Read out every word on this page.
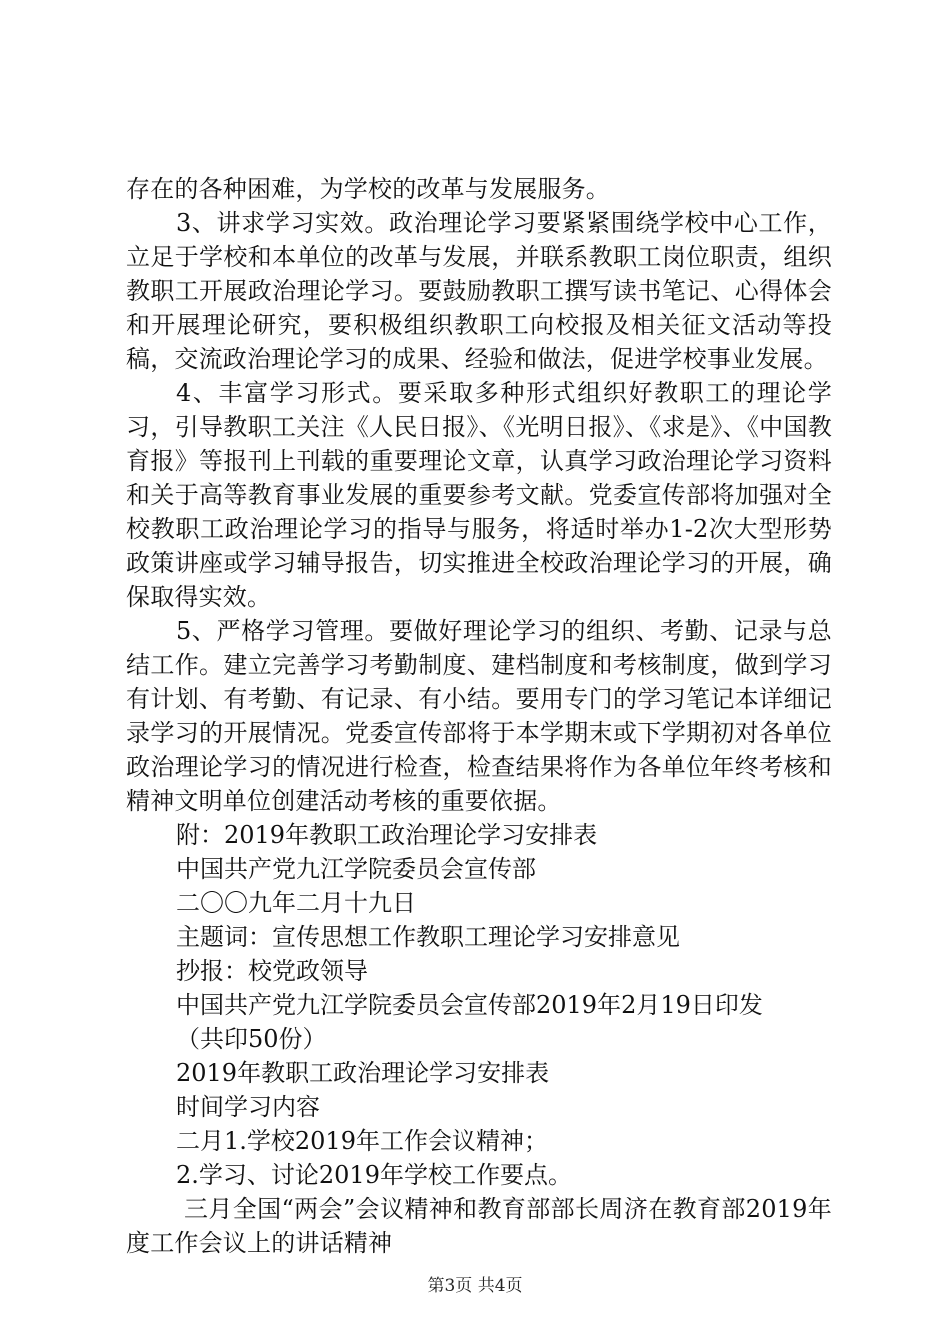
存在的各种困难，为学校的改革与发展服务。

3、讲求学习实效。政治理论学习要紧紧围绕学校中心工作，立足于学校和本单位的改革与发展，并联系教职工岗位职责，组织教职工开展政治理论学习。要鼓励教职工撰写读书笔记、心得体会和开展理论研究，要积极组织教职工向校报及相关征文活动等投稿，交流政治理论学习的成果、经验和做法，促进学校事业发展。

4、丰富学习形式。要采取多种形式组织好教职工的理论学习，引导教职工关注《人民日报》、《光明日报》、《求是》、《中国教育报》等报刊上刊载的重要理论文章，认真学习政治理论学习资料和关于高等教育事业发展的重要参考文献。党委宣传部将加强对全校教职工政治理论学习的指导与服务，将适时举办1-2次大型形势政策讲座或学习辅导报告，切实推进全校政治理论学习的开展，确保取得实效。

5、严格学习管理。要做好理论学习的组织、考勤、记录与总结工作。建立完善学习考勤制度、建档制度和考核制度，做到学习有计划、有考勤、有记录、有小结。要用专门的学习笔记本详细记录学习的开展情况。党委宣传部将于本学期末或下学期初对各单位政治理论学习的情况进行检查，检查结果将作为各单位年终考核和精神文明单位创建活动考核的重要依据。

附：2019年教职工政治理论学习安排表

中国共产党九江学院委员会宣传部

二〇〇九年二月十九日

主题词：宣传思想工作教职工理论学习安排意见

抄报：校党政领导

中国共产党九江学院委员会宣传部2019年2月19日印发

（共印50份）

2019年教职工政治理论学习安排表

时间学习内容

二月1.学校2019年工作会议精神；

2.学习、讨论2019年学校工作要点。

三月全国“两会”会议精神和教育部部长周济在教育部2019年度工作会议上的讲话精神

第3页 共4页
